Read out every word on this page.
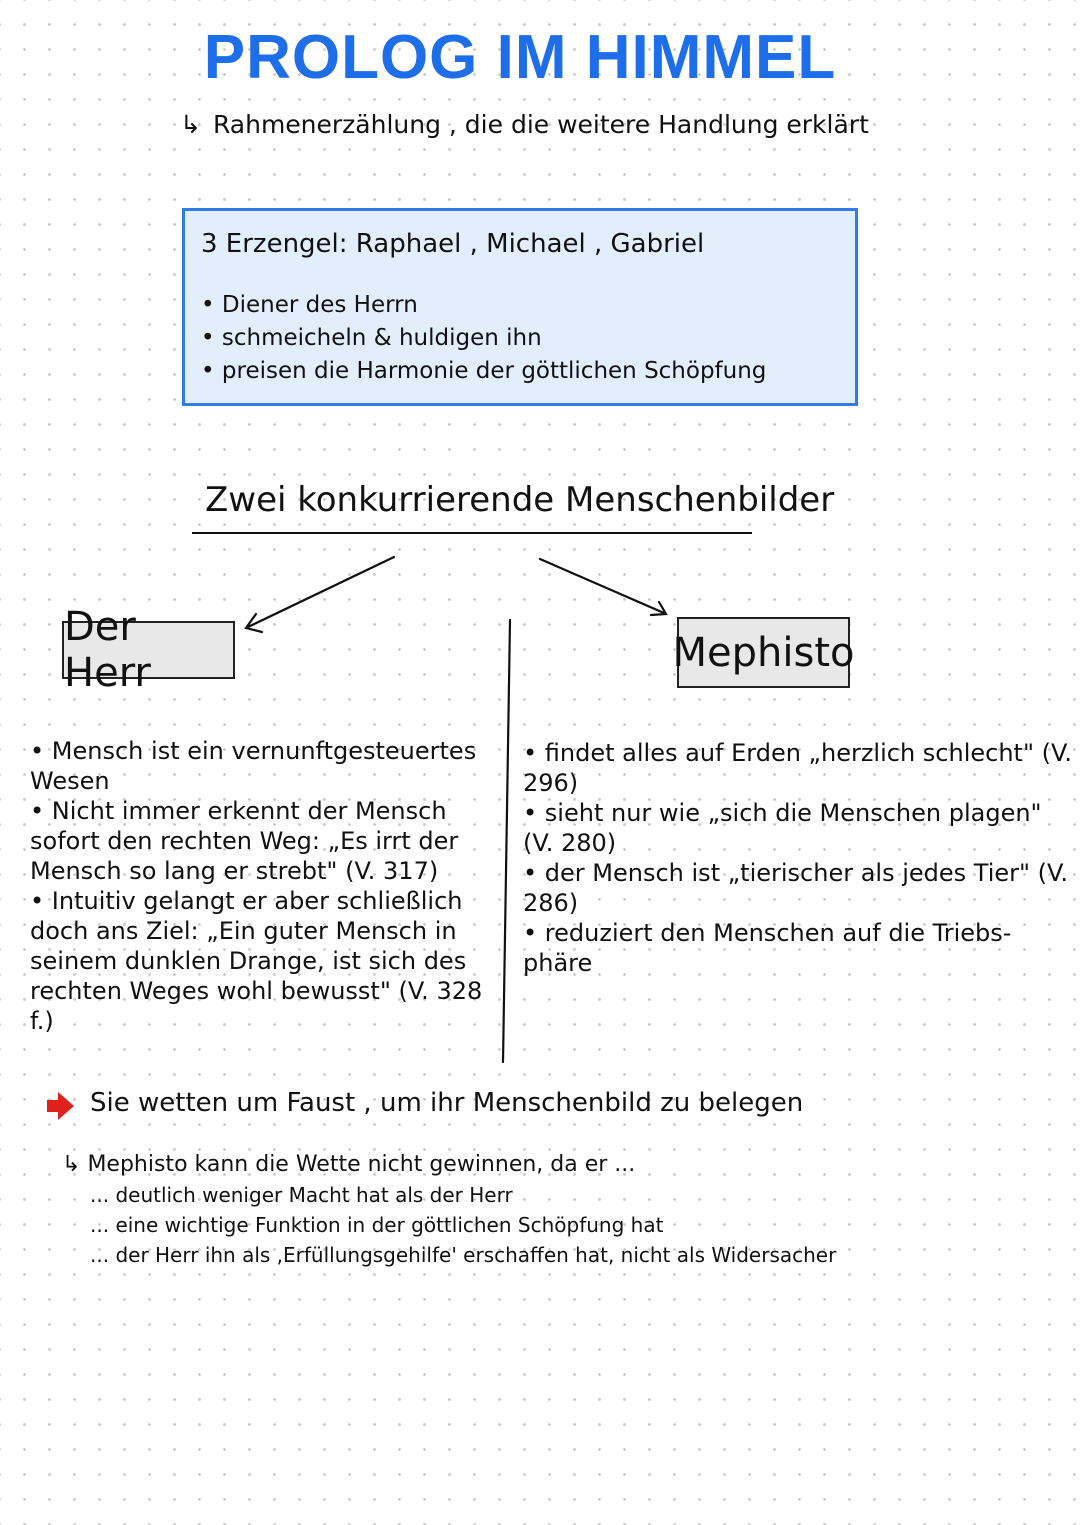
PROLOG IM HIMMEL
↳ Rahmenerzählung , die die weitere Handlung erklärt
3 Erzengel: Raphael , Michael , Gabriel
• Diener des Herrn
• schmeicheln & huldigen ihn
• preisen die Harmonie der göttlichen Schöpfung
Zwei konkurrierende Menschenbilder
Der Herr	Mephisto
• Mensch ist ein vernunftgesteuertes Wesen
• Nicht immer erkennt der Mensch sofort den rechten Weg: „Es irrt der Mensch so lang er strebt" (V. 317)
• Intuitiv gelangt er aber schließlich doch ans Ziel: „Ein guter Mensch in seinem dunklen Drange, ist sich des rechten Weges wohl bewusst" (V. 328 f.)
• findet alles auf Erden „herzlich schlecht" (V. 296)
• sieht nur wie „sich die Menschen plagen" (V. 280)
• der Mensch ist „tierischer als jedes Tier" (V. 286)
• reduziert den Menschen auf die Triebs-phäre
Sie wetten um Faust , um ihr Menschenbild zu belegen
↳ Mephisto kann die Wette nicht gewinnen, da er ...
... deutlich weniger Macht hat als der Herr
... eine wichtige Funktion in der göttlichen Schöpfung hat
... der Herr ihn als ,Erfüllungsgehilfe' erschaffen hat, nicht als Widersacher
